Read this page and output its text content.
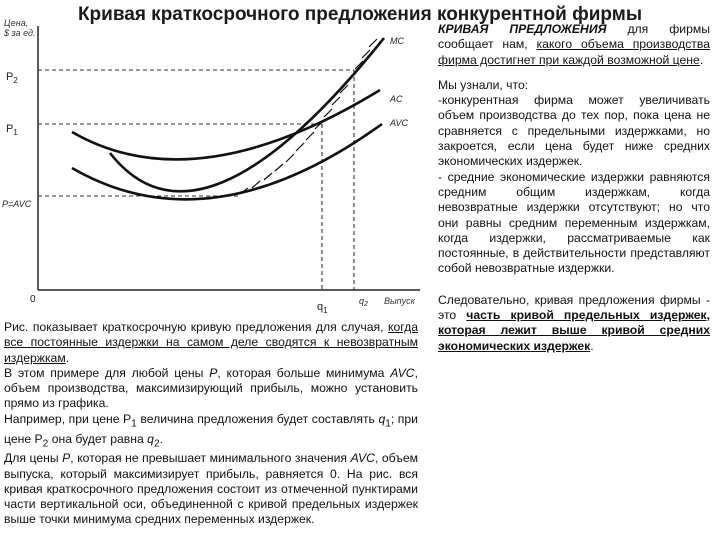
Кривая краткосрочного предложения конкурентной фирмы
Цена,
$ за ед.
Выпуск
0
$P_2$
$P_1$
P=AVC
MC
AC
AVC
$q_1$
$q_2$

Рис. показывает краткосрочную кривую предложения для случая, когда все постоянные издержки на самом деле сводятся к невозвратным издержкам.

В этом примере для любой цены P, которая больше минимума AVC, объем производства, максимизирующий прибыль, можно установить прямо из графика.

Например, при цене $P_1$ величина предложения будет составлять $q_1$; при цене $P_2$ она будет равна $q_2$.

Для цены P, которая не превышает минимального значения AVC, объем выпуска, который максимизирует прибыль, равняется 0. На рис. вся кривая краткосрочного предложения состоит из отмеченной пунктирами части вертикальной оси, объединенной с кривой предельных издержек выше точки минимума средних переменных издержек.

КРИВАЯ ПРЕДЛОЖЕНИЯ для фирмы сообщает нам, какого объема производства фирма достигнет при каждой возможной цене.

Мы узнали, что:

-конкурентная фирма может увеличивать объем производства до тех пор, пока цена не сравняется с предельными издержками, но закроется, если цена будет ниже средних экономических издержек.

- средние экономические издержки равняются средним общим издержкам, когда невозвратные издержки отсутствуют; но что они равны средним переменным издержкам, когда издержки, рассматриваемые как постоянные, в действительности представляют собой невозвратные издержки.

Следовательно, кривая предложения фирмы - это часть кривой предельных издержек, которая лежит выше кривой средних экономических издержек.
